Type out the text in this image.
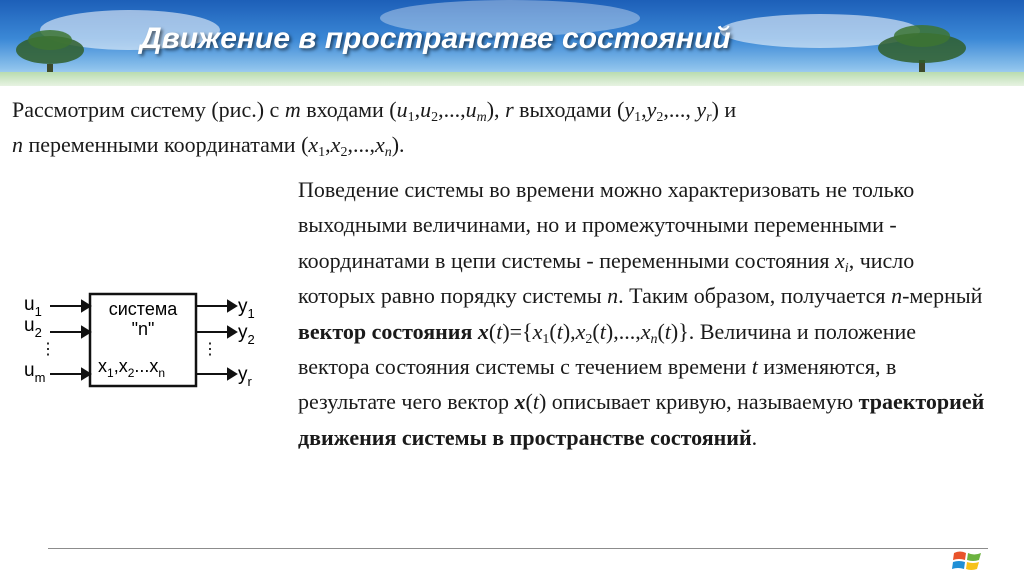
Движение в пространстве состояний
Рассмотрим систему (рис.) с m входами $(u_1,u_2,...,u_m)$, r выходами ($y_1,y_2$,..., $y_r$) и
n переменными координатами $(x_1,x_2,...,x_n)$.
Поведение системы во времени можно характеризовать не только выходными величинами, но и промежуточными переменными - координатами в цепи системы - переменными состояния $x_i$, число которых равно порядку системы n. Таким образом, получается n-мерный вектор состояния $x(t)=\{x_1(t),x_2(t),...,x_n(t)\}$. Величина и положение вектора состояния системы с течением времени t изменяются, в результате чего вектор x(t) описывает кривую, называемую траекторией движения системы в пространстве состояний.
система
"n"
$x_1,x_2...x_n$
$u_1$
$u_2$
⋮
$u_m$
$y_1$
$y_2$
⋮
$y_r$
